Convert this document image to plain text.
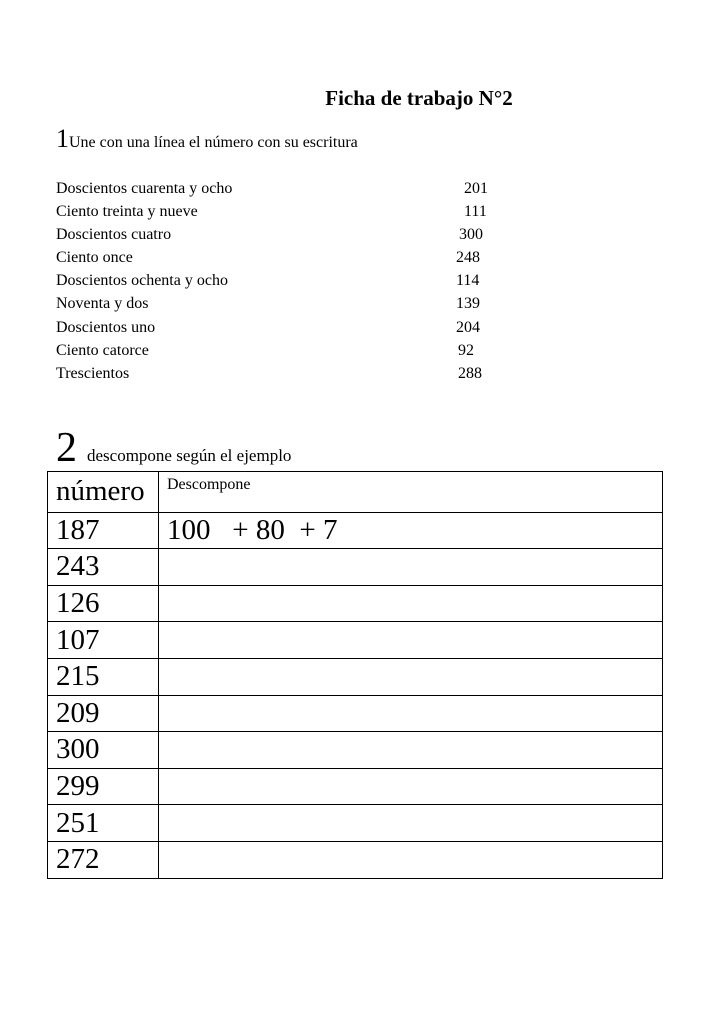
Ficha de trabajo N°2
1Une con una línea el número con su escritura
Doscientos cuarenta y ocho	201
Ciento treinta y nueve	111
Doscientos cuatro	300
Ciento once	248
Doscientos ochenta y ocho	114
Noventa y dos	139
Doscientos uno	204
Ciento catorce	92
Trescientos	288
2 descompone según el ejemplo
número	Descompone
187	100   + 80  + 7
243	
126	
107	
215	
209	
300	
299	
251	
272	
